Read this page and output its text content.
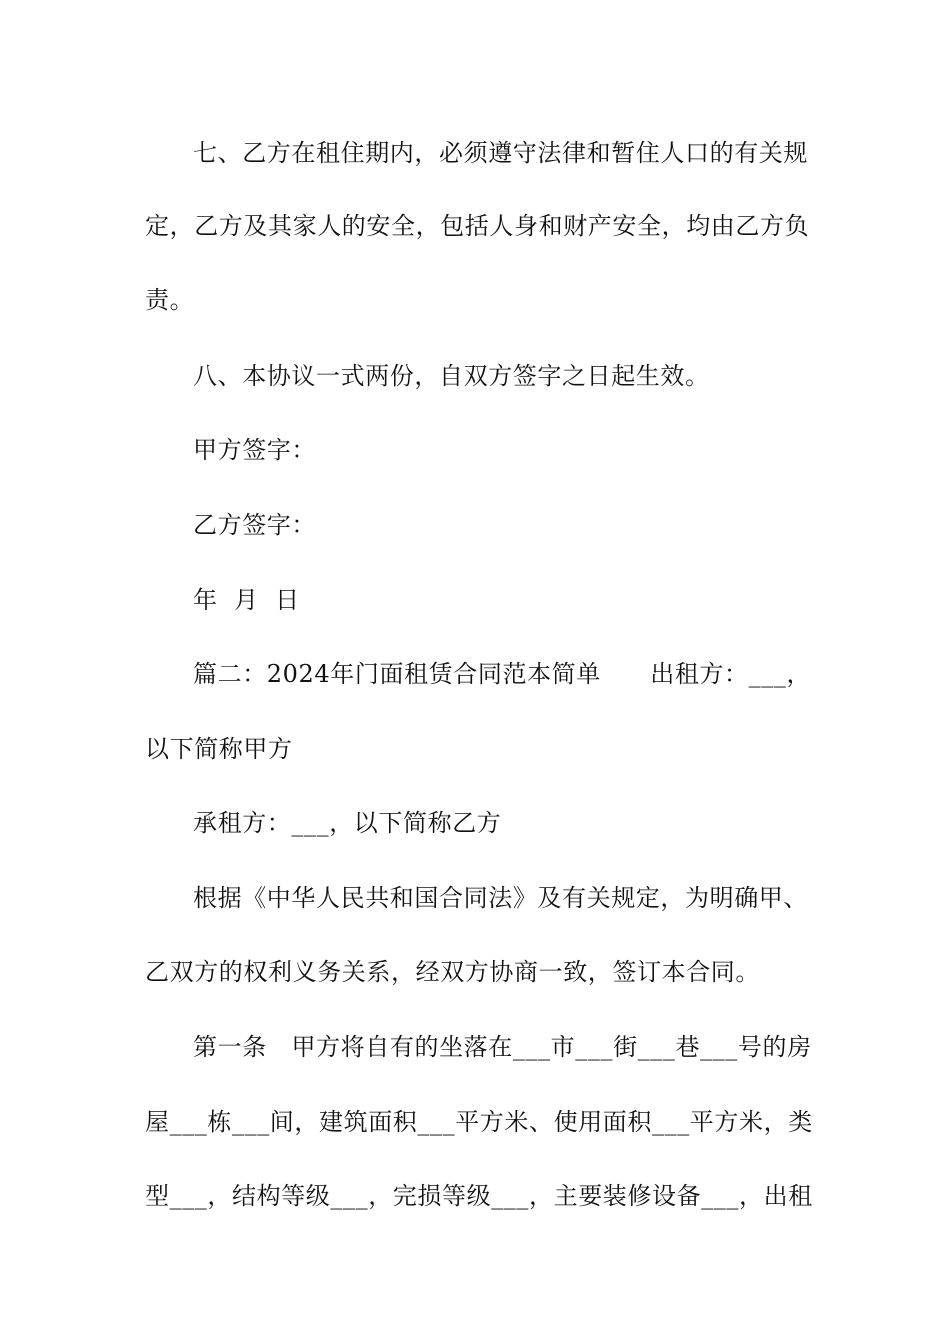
七、乙方在租住期内，必须遵守法律和暂住人口的有关规
定，乙方及其家人的安全，包括人身和财产安全，均由乙方负
责。
八、本协议一式两份，自双方签字之日起生效。
甲方签字：
乙方签字：
年  月  日
篇二：2024年门面租赁合同范本简单      出租方：___，
以下简称甲方
承租方：___，以下简称乙方
根据《中华人民共和国合同法》及有关规定，为明确甲、
乙双方的权利义务关系，经双方协商一致，签订本合同。
第一条   甲方将自有的坐落在___市___街___巷___号的房
屋___栋___间，建筑面积___平方米、使用面积___平方米，类
型___，结构等级___，完损等级___，主要装修设备___，出租
